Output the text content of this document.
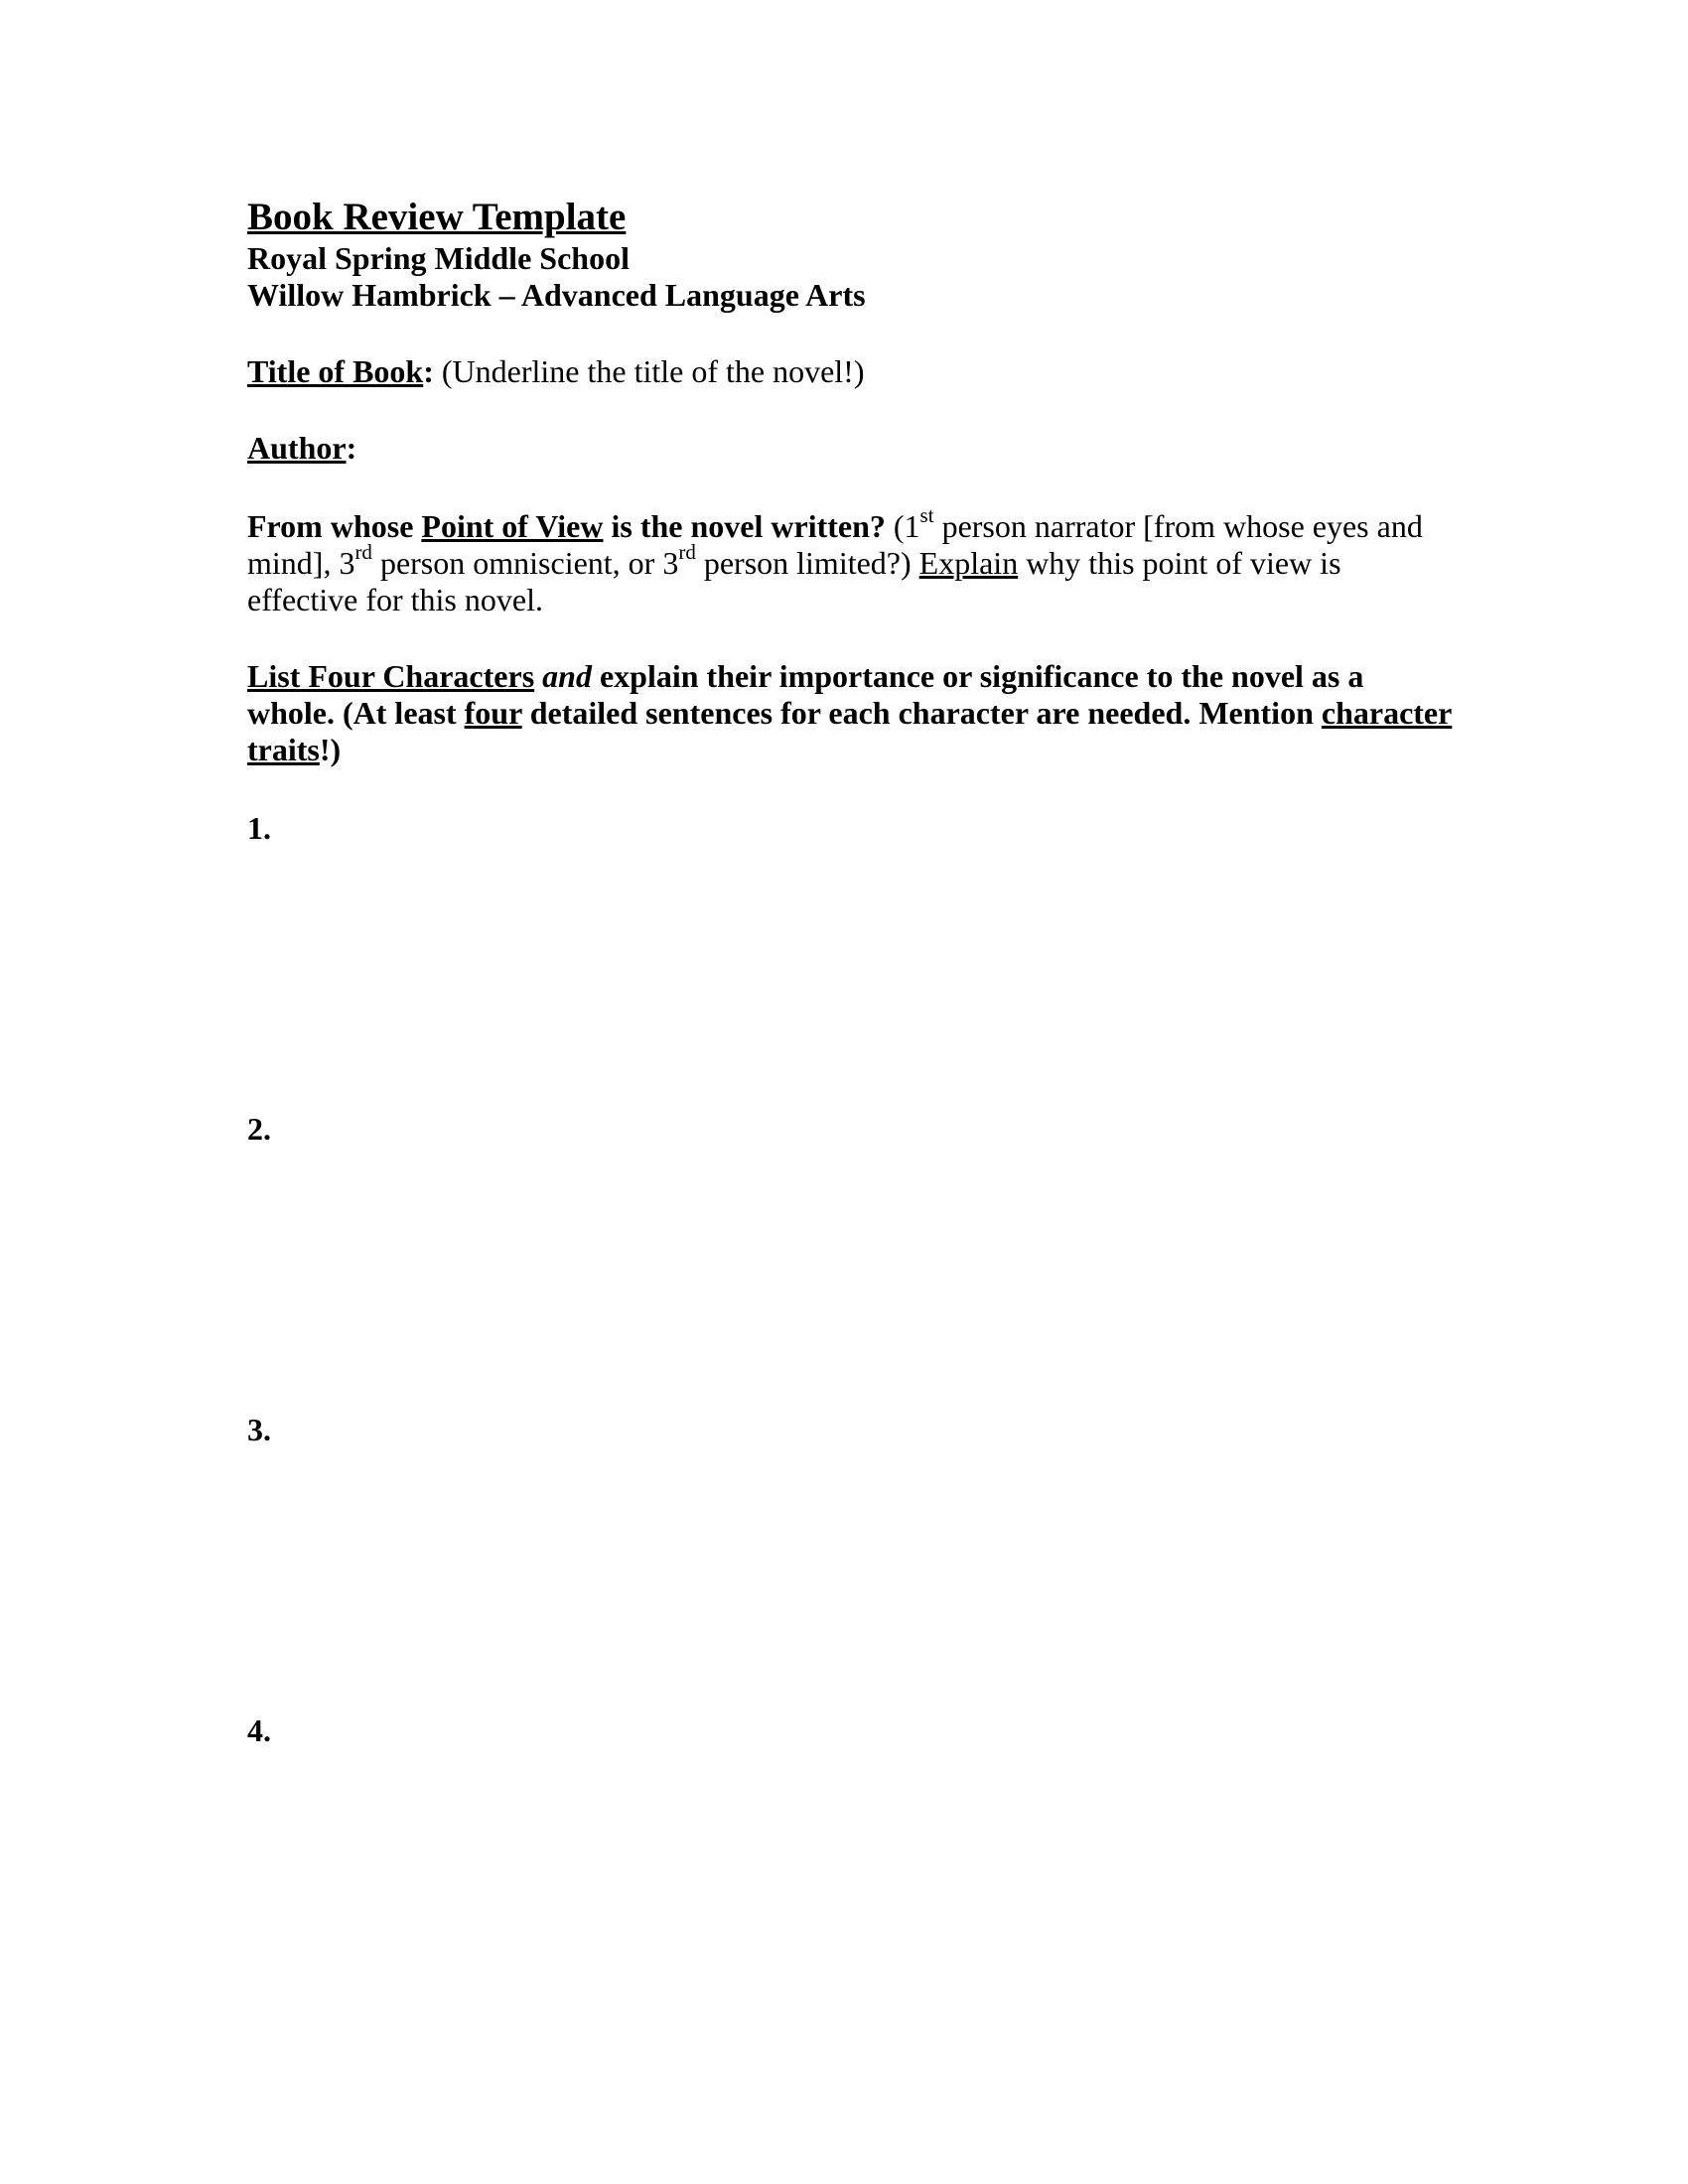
Book Review Template

Royal Spring Middle School

Willow Hambrick – Advanced Language Arts

Title of Book: (Underline the title of the novel!)

Author:

From whose Point of View is the novel written? (1st person narrator [from whose eyes and mind], 3rd person omniscient, or 3rd person limited?) Explain why this point of view is effective for this novel.

List Four Characters and explain their importance or significance to the novel as a whole. (At least four detailed sentences for each character are needed. Mention character traits!)

1.

2.

3.

4.
